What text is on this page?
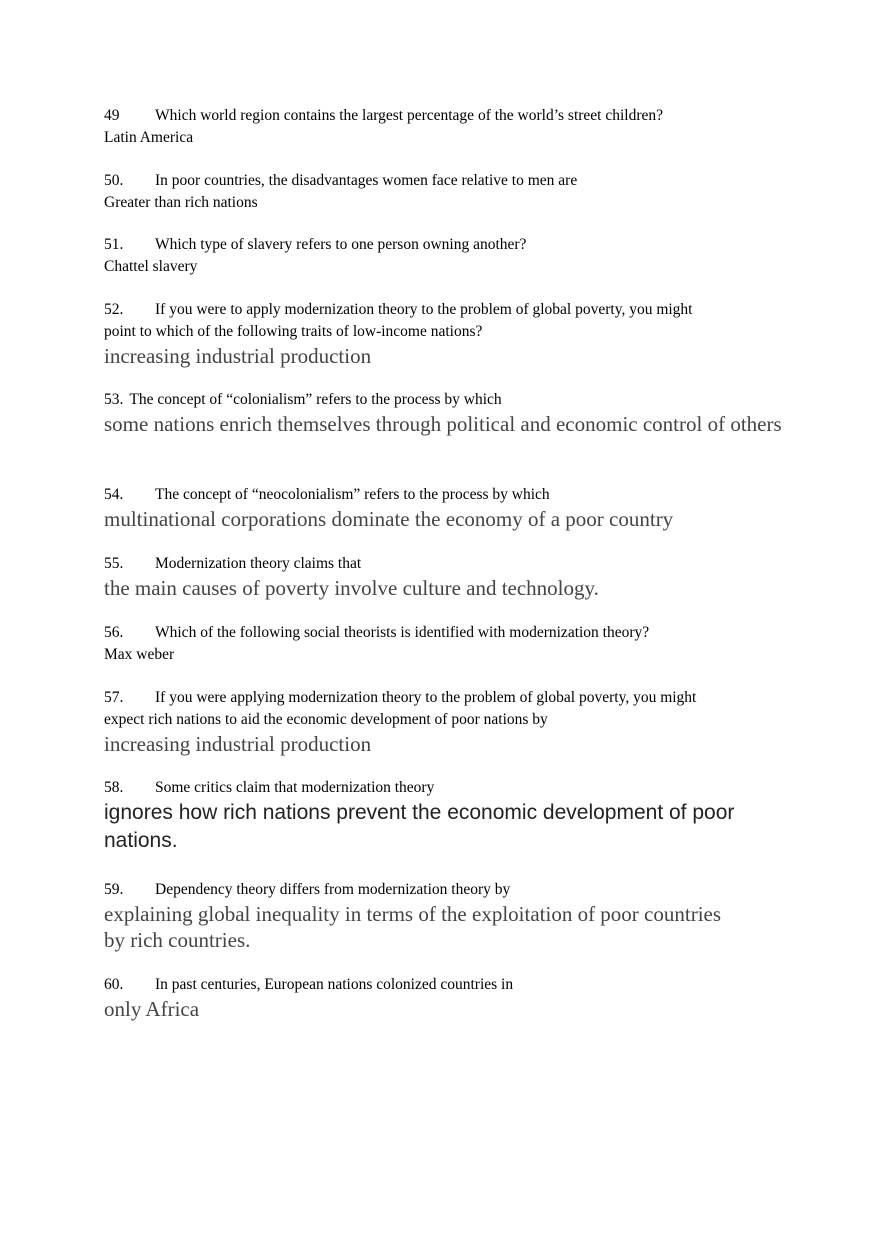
49 Which world region contains the largest percentage of the world’s street children?
Latin America
50. In poor countries, the disadvantages women face relative to men are
Greater than rich nations
51. Which type of slavery refers to one person owning another?
Chattel slavery
52. If you were to apply modernization theory to the problem of global poverty, you might
point to which of the following traits of low-income nations?
increasing industrial production
53. The concept of “colonialism” refers to the process by which
some nations enrich themselves through political and economic control of others
54. The concept of “neocolonialism” refers to the process by which
multinational corporations dominate the economy of a poor country
55. Modernization theory claims that
the main causes of poverty involve culture and technology.
56. Which of the following social theorists is identified with modernization theory?
Max weber
57. If you were applying modernization theory to the problem of global poverty, you might
expect rich nations to aid the economic development of poor nations by
increasing industrial production
58. Some critics claim that modernization theory
ignores how rich nations prevent the economic development of poor nations.
59. Dependency theory differs from modernization theory by
explaining global inequality in terms of the exploitation of poor countries by rich countries.
60. In past centuries, European nations colonized countries in
only Africa
